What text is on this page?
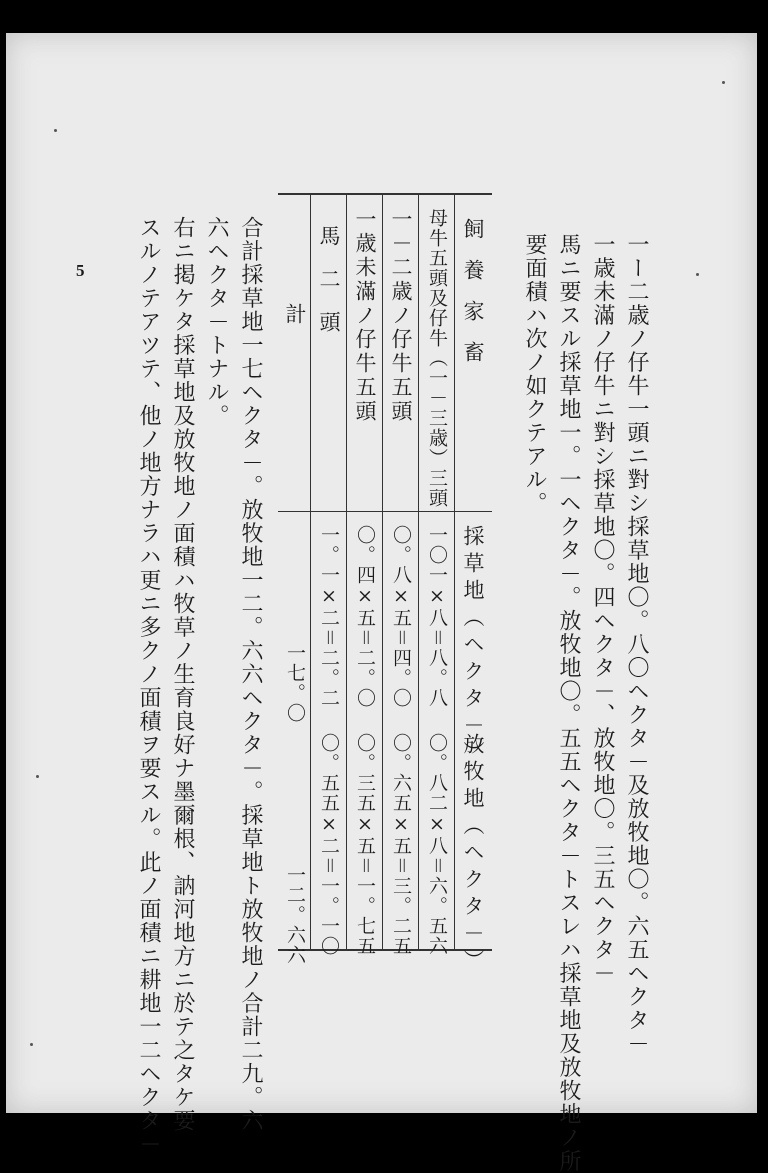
5	一ー二歳ノ仔牛一頭ニ對シ採草地〇。八〇ヘクタ－及放牧地〇。六五ヘクタ－
一歳未滿ノ仔牛ニ對シ採草地〇。四ヘクタ－、放牧地〇。三五ヘクタ－
馬ニ要スル採草地一。一ヘクタ－。放牧地〇。五五ヘクタ－トスレハ採草地及放牧地ノ所
要面積ハ次ノ如クテアル。
飼養家畜
採草地（ヘクタ－）
放牧地（ヘクタ－）
母牛五頭及仔牛（一－三歳）三頭
一〇一×八＝八。八
〇。八二×八＝六。五六
一－二歳ノ仔牛五頭
〇。八×五＝四。〇
〇。六五×五＝三。二五
一歳未滿ノ仔牛五頭
〇。四×五＝二。〇
〇。三五×五＝一。七五
馬二頭
一。一×二＝二。二
〇。五五×二＝一。一〇
計
一七。〇
一二。六六
合計採草地一七ヘクタ－。放牧地一二。六六ヘクタ－。採草地ト放牧地ノ合計二九。六
六ヘクタ－トナル。
右ニ掲ケタ採草地及放牧地ノ面積ハ牧草ノ生育良好ナ墨爾根、訥河地方ニ於テ之タケ要
スルノテアツテ、他ノ地方ナラハ更ニ多クノ面積ヲ要スル。此ノ面積ニ耕地一二ヘクタ－
